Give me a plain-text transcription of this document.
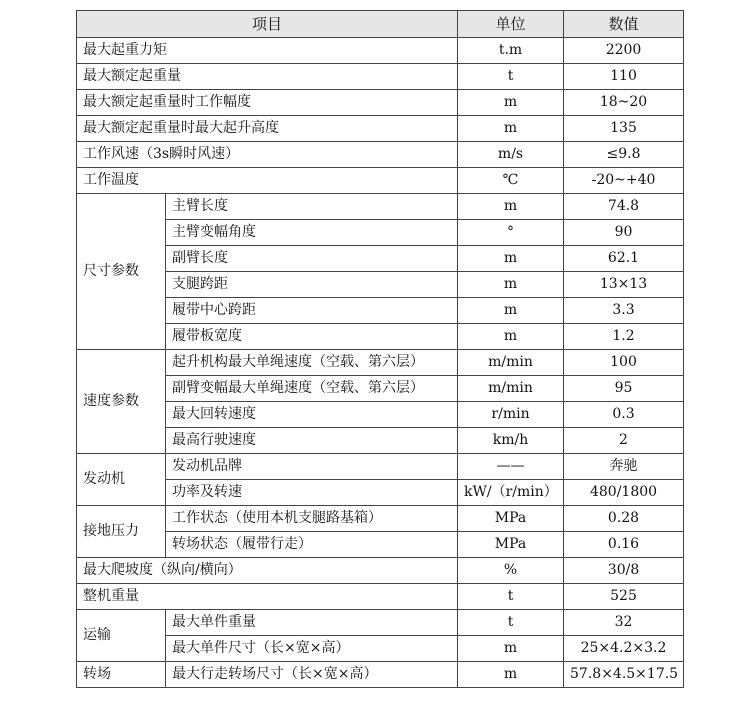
项目		单位	数值
最大起重力矩		t.m	2200
最大额定起重量		t	110
最大额定起重量时工作幅度		m	18~20
最大额定起重量时最大起升高度		m	135
工作风速（3s瞬时风速）		m/s	≤9.8
工作温度		℃	-20~+40
尺寸参数	主臂长度	m	74.8
	主臂变幅角度	°	90
	副臂长度	m	62.1
	支腿跨距	m	13×13
	履带中心跨距	m	3.3
	履带板宽度	m	1.2
速度参数	起升机构最大单绳速度（空载、第六层）	m/min	100
	副臂变幅最大单绳速度（空载、第六层）	m/min	95
	最大回转速度	r/min	0.3
	最高行驶速度	km/h	2
发动机	发动机品牌	——	奔驰
	功率及转速	kW/（r/min）	480/1800
接地压力	工作状态（使用本机支腿路基箱）	MPa	0.28
	转场状态（履带行走）	MPa	0.16
最大爬坡度（纵向/横向）		%	30/8
整机重量		t	525
运输	最大单件重量	t	32
	最大单件尺寸（长×宽×高）	m	25×4.2×3.2
转场	最大行走转场尺寸（长×宽×高）	m	57.8×4.5×17.5
